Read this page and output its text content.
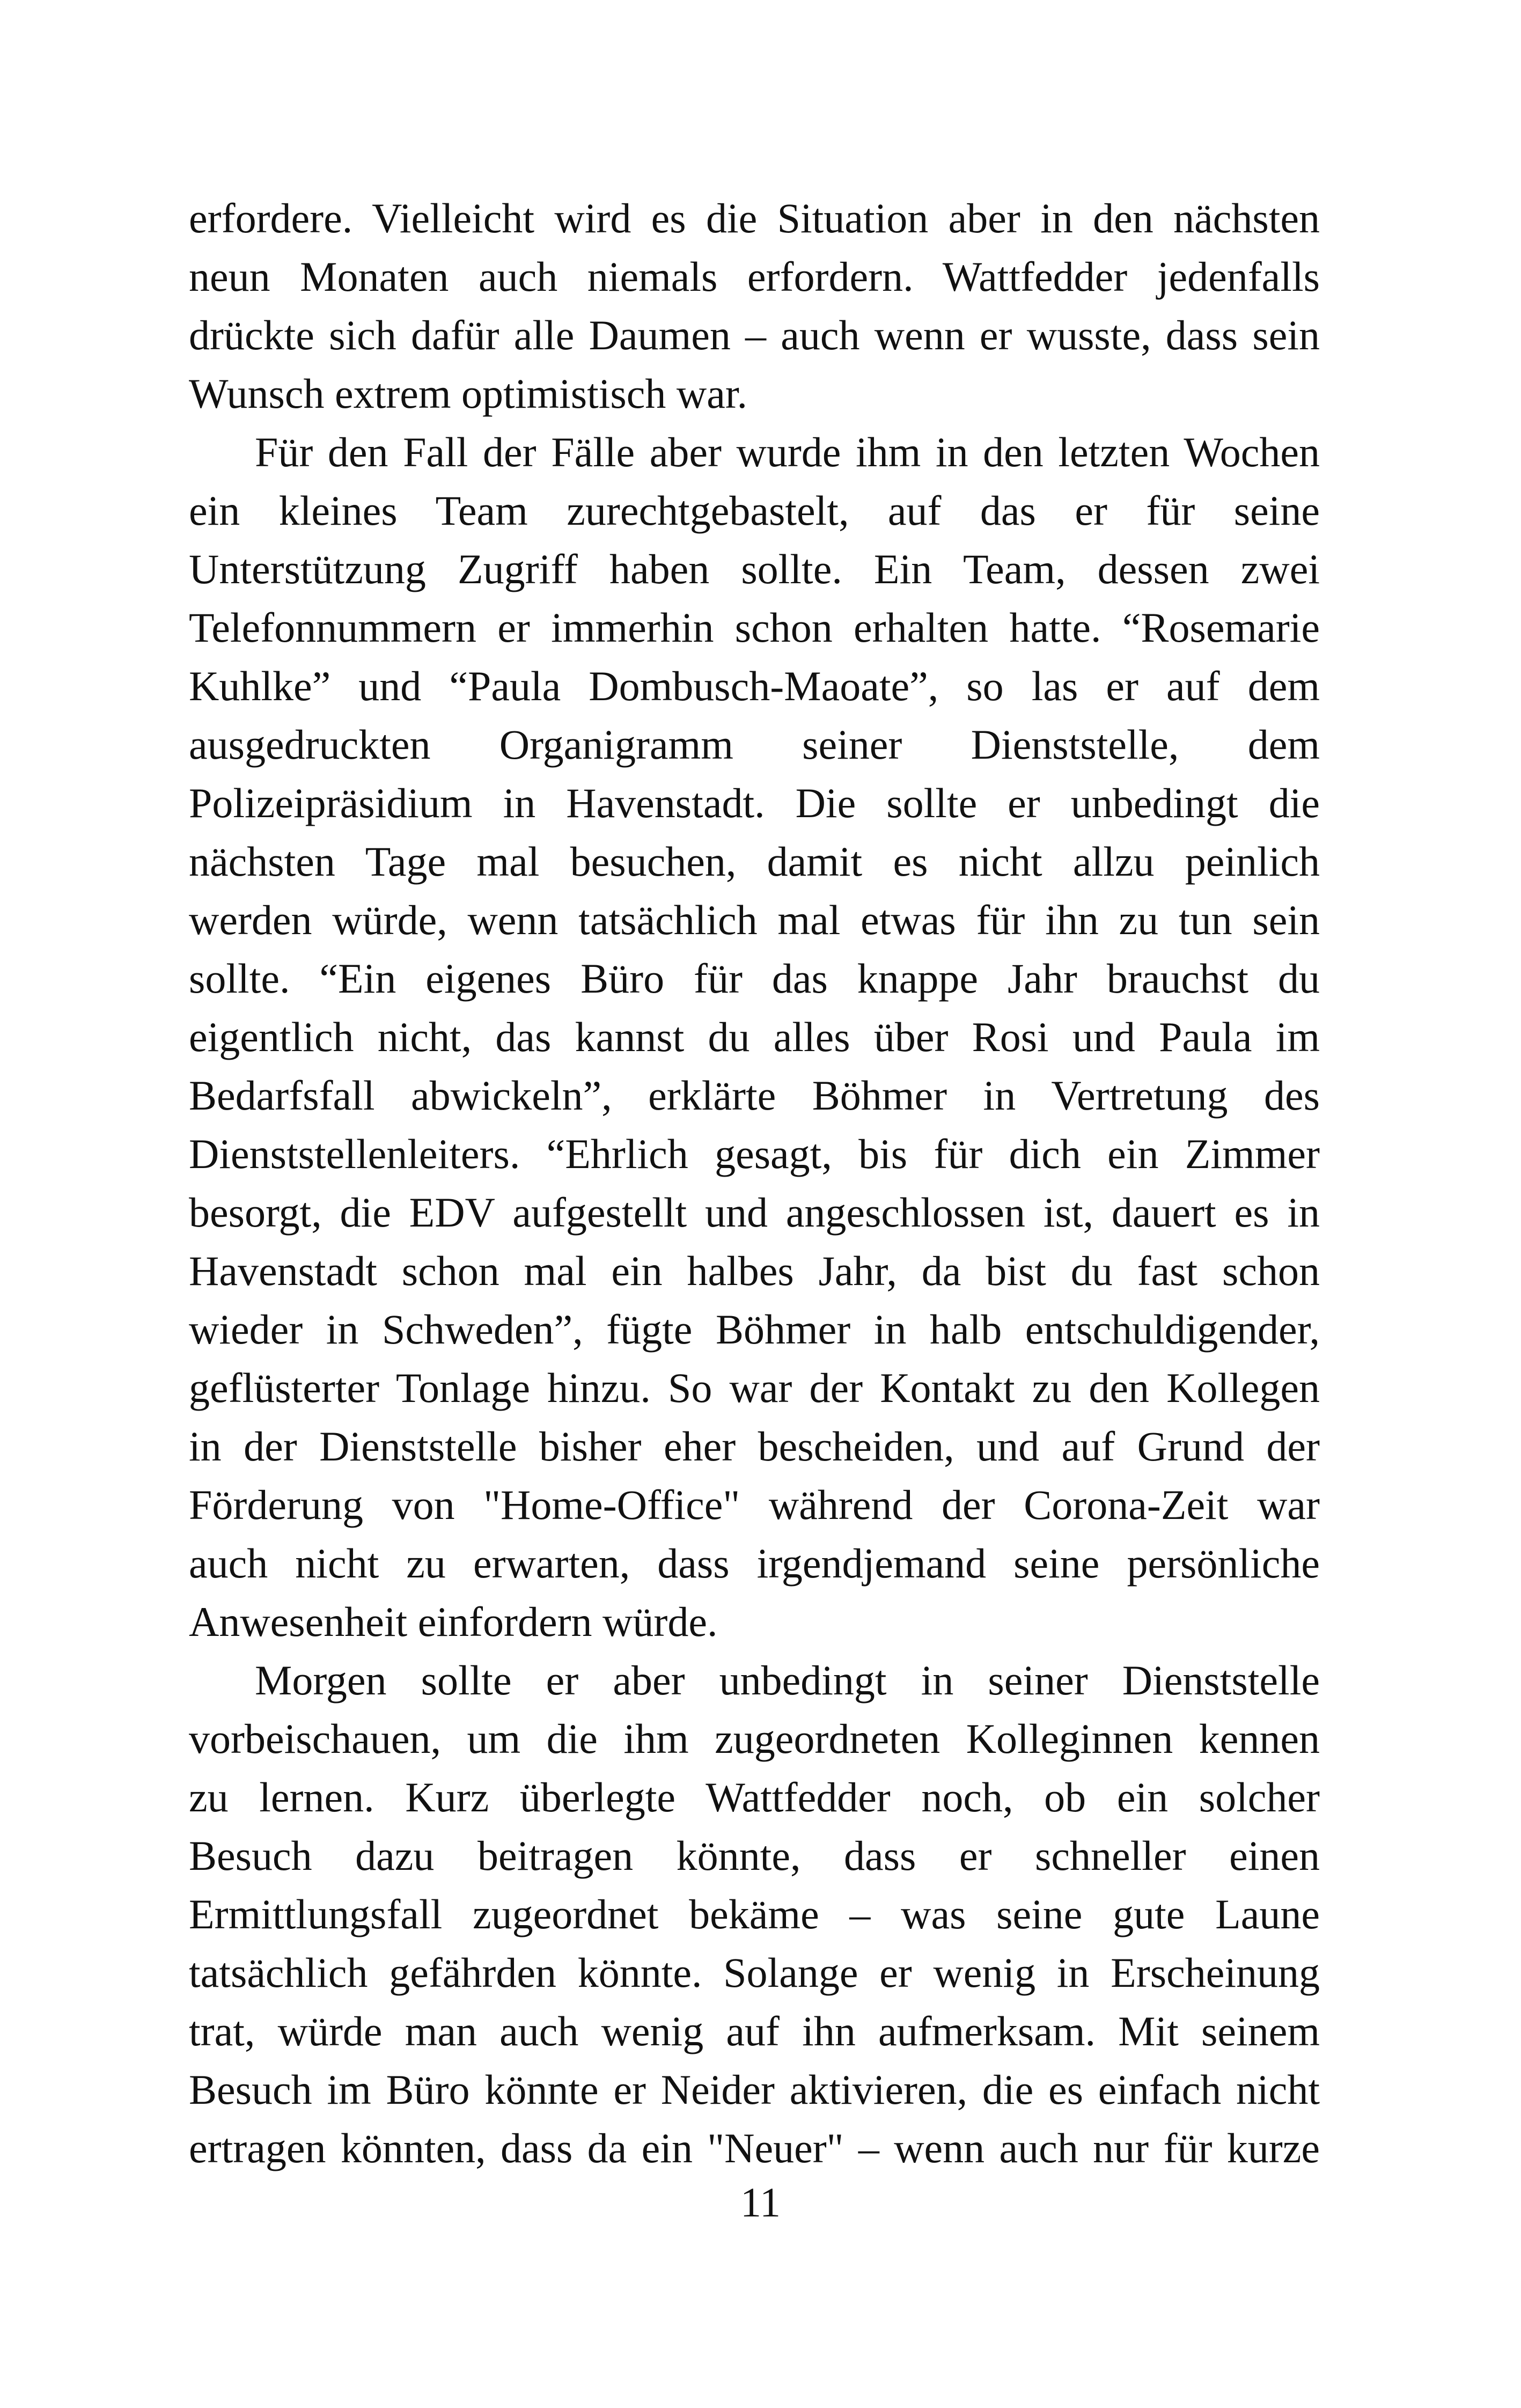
erfordere. Vielleicht wird es die Situation aber in den nächsten
neun Monaten auch niemals erfordern. Wattfedder jedenfalls
drückte sich dafür alle Daumen – auch wenn er wusste, dass sein
Wunsch extrem optimistisch war.
Für den Fall der Fälle aber wurde ihm in den letzten Wochen
ein kleines Team zurechtgebastelt, auf das er für seine
Unterstützung Zugriff haben sollte. Ein Team, dessen zwei
Telefonnummern er immerhin schon erhalten hatte. “Rosemarie
Kuhlke” und “Paula Dombusch-Maoate”, so las er auf dem
ausgedruckten Organigramm seiner Dienststelle, dem
Polizeipräsidium in Havenstadt. Die sollte er unbedingt die
nächsten Tage mal besuchen, damit es nicht allzu peinlich
werden würde, wenn tatsächlich mal etwas für ihn zu tun sein
sollte. “Ein eigenes Büro für das knappe Jahr brauchst du
eigentlich nicht, das kannst du alles über Rosi und Paula im
Bedarfsfall abwickeln”, erklärte Böhmer in Vertretung des
Dienststellenleiters. “Ehrlich gesagt, bis für dich ein Zimmer
besorgt, die EDV aufgestellt und angeschlossen ist, dauert es in
Havenstadt schon mal ein halbes Jahr, da bist du fast schon
wieder in Schweden”, fügte Böhmer in halb entschuldigender,
geflüsterter Tonlage hinzu. So war der Kontakt zu den Kollegen
in der Dienststelle bisher eher bescheiden, und auf Grund der
Förderung von "Home-Office" während der Corona-Zeit war
auch nicht zu erwarten, dass irgendjemand seine persönliche
Anwesenheit einfordern würde.
Morgen sollte er aber unbedingt in seiner Dienststelle
vorbeischauen, um die ihm zugeordneten Kolleginnen kennen
zu lernen. Kurz überlegte Wattfedder noch, ob ein solcher
Besuch dazu beitragen könnte, dass er schneller einen
Ermittlungsfall zugeordnet bekäme – was seine gute Laune
tatsächlich gefährden könnte. Solange er wenig in Erscheinung
trat, würde man auch wenig auf ihn aufmerksam. Mit seinem
Besuch im Büro könnte er Neider aktivieren, die es einfach nicht
ertragen könnten, dass da ein "Neuer" – wenn auch nur für kurze
11
